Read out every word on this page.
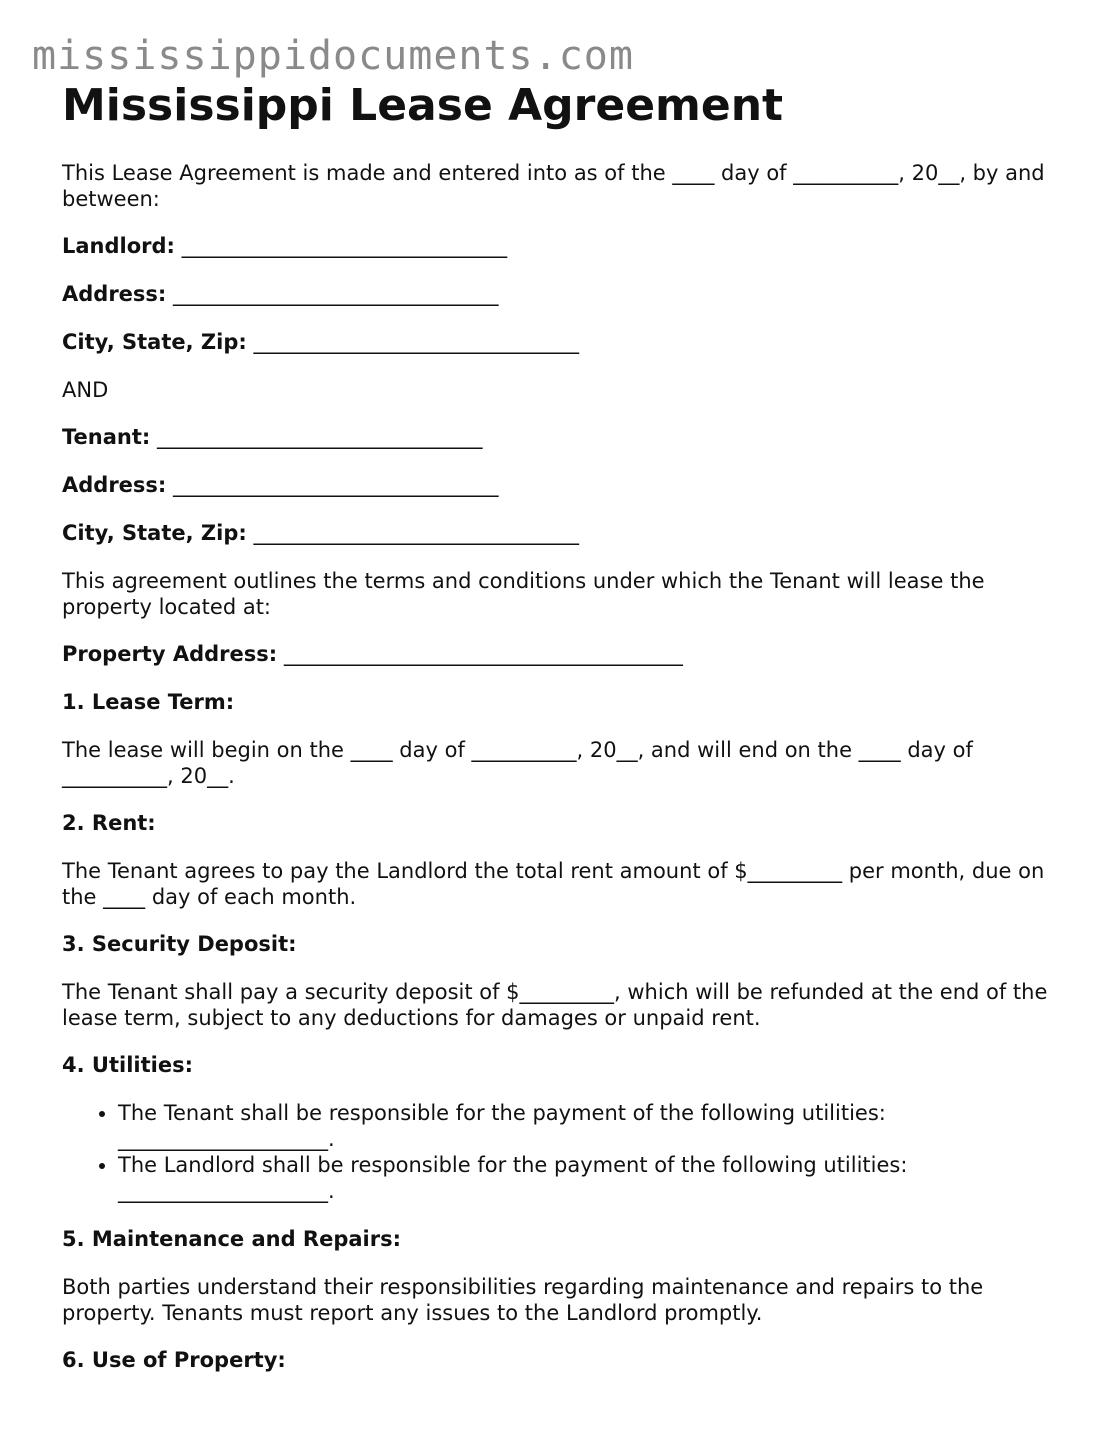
mississippidocuments.com
Mississippi Lease Agreement

This Lease Agreement is made and entered into as of the ____ day of __________, 20__, by and between:

Landlord: _______________________________
Address: _______________________________
City, State, Zip: _______________________________

AND

Tenant: _______________________________
Address: _______________________________
City, State, Zip: _______________________________

This agreement outlines the terms and conditions under which the Tenant will lease the property located at:

Property Address: ______________________________________
1. Lease Term:

The lease will begin on the ____ day of __________, 20__, and will end on the ____ day of __________, 20__.

2. Rent:

The Tenant agrees to pay the Landlord the total rent amount of $_________ per month, due on the ____ day of each month.

3. Security Deposit:

The Tenant shall pay a security deposit of $_________, which will be refunded at the end of the lease term, subject to any deductions for damages or unpaid rent.

4. Utilities:
• The Tenant shall be responsible for the payment of the following utilities: ____________________.
• The Landlord shall be responsible for the payment of the following utilities: ____________________.
5. Maintenance and Repairs:

Both parties understand their responsibilities regarding maintenance and repairs to the property. Tenants must report any issues to the Landlord promptly.

6. Use of Property:
